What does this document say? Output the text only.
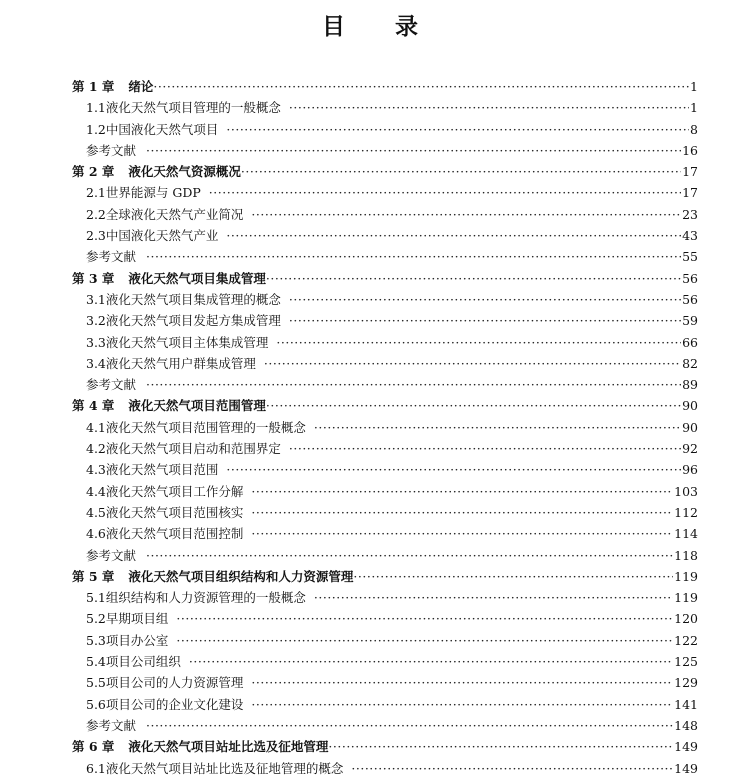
目 录
第 1 章 绪论 ·····	1
1.1 液化天然气项目管理的一般概念 ·····	1
1.2 中国液化天然气项目 ·····	8
参考文献 ·····	16
第 2 章 液化天然气资源概况 ·····	17
2.1 世界能源与 GDP ·····	17
2.2 全球液化天然气产业简况 ·····	23
2.3 中国液化天然气产业 ·····	43
参考文献 ·····	55
第 3 章 液化天然气项目集成管理 ·····	56
3.1 液化天然气项目集成管理的概念 ·····	56
3.2 液化天然气项目发起方集成管理 ·····	59
3.3 液化天然气项目主体集成管理 ·····	66
3.4 液化天然气用户群集成管理 ·····	82
参考文献 ·····	89
第 4 章 液化天然气项目范围管理 ·····	90
4.1 液化天然气项目范围管理的一般概念 ·····	90
4.2 液化天然气项目启动和范围界定 ·····	92
4.3 液化天然气项目范围 ·····	96
4.4 液化天然气项目工作分解 ·····	103
4.5 液化天然气项目范围核实 ·····	112
4.6 液化天然气项目范围控制 ·····	114
参考文献 ·····	118
第 5 章 液化天然气项目组织结构和人力资源管理 ·····	119
5.1 组织结构和人力资源管理的一般概念 ·····	119
5.2 早期项目组 ·····	120
5.3 项目办公室 ·····	122
5.4 项目公司组织 ·····	125
5.5 项目公司的人力资源管理 ·····	129
5.6 项目公司的企业文化建设 ·····	141
参考文献 ·····	148
第 6 章 液化天然气项目站址比选及征地管理 ·····	149
6.1 液化天然气项目站址比选及征地管理的概念 ·····	149
